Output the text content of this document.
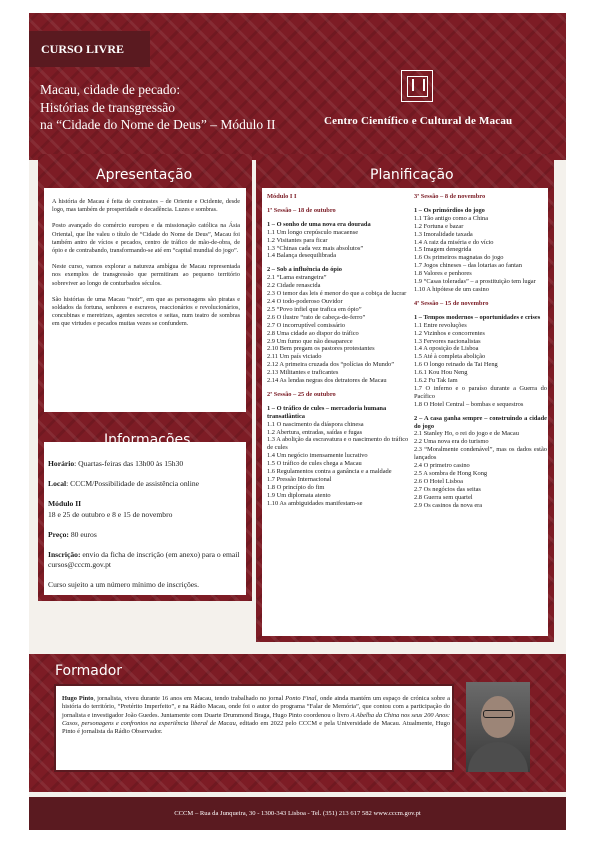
CURSO LIVRE
Macau, cidade de pecado:
Histórias de transgressão
na “Cidade do Nome de Deus” – Módulo II	Centro Científico e Cultural de Macau
Apresentação

A história de Macau é feita de contrastes – de Oriente e Ocidente, desde logo, mas também de prosperidade e decadência. Luzes e sombras.

Posto avançado do comércio europeu e da missionação católica na Ásia Oriental, que lhe valeu o título de “Cidade do Nome de Deus”, Macau foi também antro de vícios e pecados, centro de tráfico de mão-de-obra, de ópio e de contrabando, transformando-se até em “capital mundial do jogo”.

Neste curso, vamos explorar a natureza ambígua de Macau representada nos exemplos de transgressão que permitiram ao pequeno território sobreviver ao longo de conturbados séculos.

São histórias de uma Macau “noir”, em que as personagens são piratas e soldados da fortuna, senhores e escravos, reaccionários e revolucionários, concubinas e meretrizes, agentes secretos e seitas, num teatro de sombras em que virtudes e pecados muitas vezes se confundem.

Informações

Horário: Quartas-feiras das 13h00 às 15h30

Local: CCCM/Possibilidade de assistência online

Módulo II
18 e 25 de outubro e 8 e 15 de novembro

Preço: 80 euros

Inscrição: envio da ficha de inscrição (em anexo) para o email cursos@cccm.gov.pt

Curso sujeito a um número mínimo de inscrições.

Planificação
Módulo I I
1ª Sessão – 18 de outubro
1 – O sonho de uma nova era dourada
1.1 Um longo crepúsculo macaense
1.2 Visitantes para ficar
1.3 “Chinas cada vez mais absolutos”
1.4 Balança desequilibrada
2 – Sob a influência do ópio
2.1 “Lama estrangeira”
2.2 Cidade renascida
2.3 O temor das leis é menor do que a cobiça de lucrar
2.4 O todo-poderoso Ouvidor
2.5 “Povo infiel que trafica em ópio”
2.6 O ilustre “rato de cabeça-de-ferro”
2.7 O incorruptível comissário
2.8 Uma cidade ao dispor do tráfico
2.9 Um fumo que não desaparece
2.10 Bem pregam os pastores protestantes
2.11 Um país viciado
2.12 A primeira cruzada dos “polícias do Mundo”
2.13 Militantes e traficantes
2.14 As lendas negras dos detratores de Macau
2ª Sessão – 25 de outubro
1 – O tráfico de cules – mercadoria humana transatlântica
1.1 O nascimento da diáspora chinesa
1.2 Abertura, entradas, saídas e fugas
1.3 A abolição da escravatura e o nascimento do tráfico de cules
1.4 Um negócio imensamente lucrativo
1.5 O tráfico de cules chega a Macau
1.6 Regulamentos contra a ganância e a maldade
1.7 Pressão Internacional
1.8 O princípio do fim
1.9 Um diplomata atento
1.10 As ambiguidades manifestam-se
3ª Sessão – 8 de novembro
1 – Os primórdios do jogo
1.1 Tão antigo como a China
1.2 Fortuna e bazar
1.3 Imoralidade taxada
1.4 A raiz da miséria e do vício
1.5 Imagem denegrida
1.6 Os primeiros magnatas do jogo
1.7 Jogos chineses – das lotarias ao fantan
1.8 Valores e penhores
1.9 “Casas toleradas” – a prostituição tem lugar
1.10 A hipótese de um casino
4ª Sessão – 15 de novembro
1 – Tempos modernos – oportunidades e crises
1.1 Entre revoluções
1.2 Vizinhos e concorrentes
1.3 Fervores nacionalistas
1.4 A oposição de Lisboa
1.5 Até à completa abolição
1.6 O longo reinado da Tai Heng
1.6.1 Kou Hou Neng
1.6.2 Fu Tak Iam
1.7 O inferno e o paraíso durante a Guerra do Pacífico
1.8 O Hotel Central – bombas e sequestros
2 – A casa ganha sempre – construindo a cidade do jogo
2.1 Stanley Ho, o rei do jogo e de Macau
2.2 Uma nova era do turismo
2.3 “Moralmente condenável”, mas os dados estão lançados
2.4 O primeiro casino
2.5 A sombra de Hong Kong
2.6 O Hotel Lisboa
2.7 Os negócios das seitas
2.8 Guerra sem quartel
2.9 Os casinos da nova era
Formador
Hugo Pinto, jornalista, viveu durante 16 anos em Macau, tendo trabalhado no jornal Ponto Final, onde ainda mantém um espaço de crónica sobre a história do território, “Pretérito Imperfeito”, e na Rádio Macau, onde foi o autor do programa “Falar de Memória”, que contou com a participação do jornalista e investigador João Guedes. Juntamente com Duarte Drummond Braga, Hugo Pinto coordenou o livro A Abelha da China nos seus 200 Anos: Casos, personagens e confrontos na experiência liberal de Macau, editado em 2022 pelo CCCM e pela Universidade de Macau. Atualmente, Hugo Pinto é jornalista da Rádio Observador.
CCCM – Rua da Junqueira, 30 - 1300-343 Lisboa - Tel. (351) 213 617 582 www.cccm.gov.pt
